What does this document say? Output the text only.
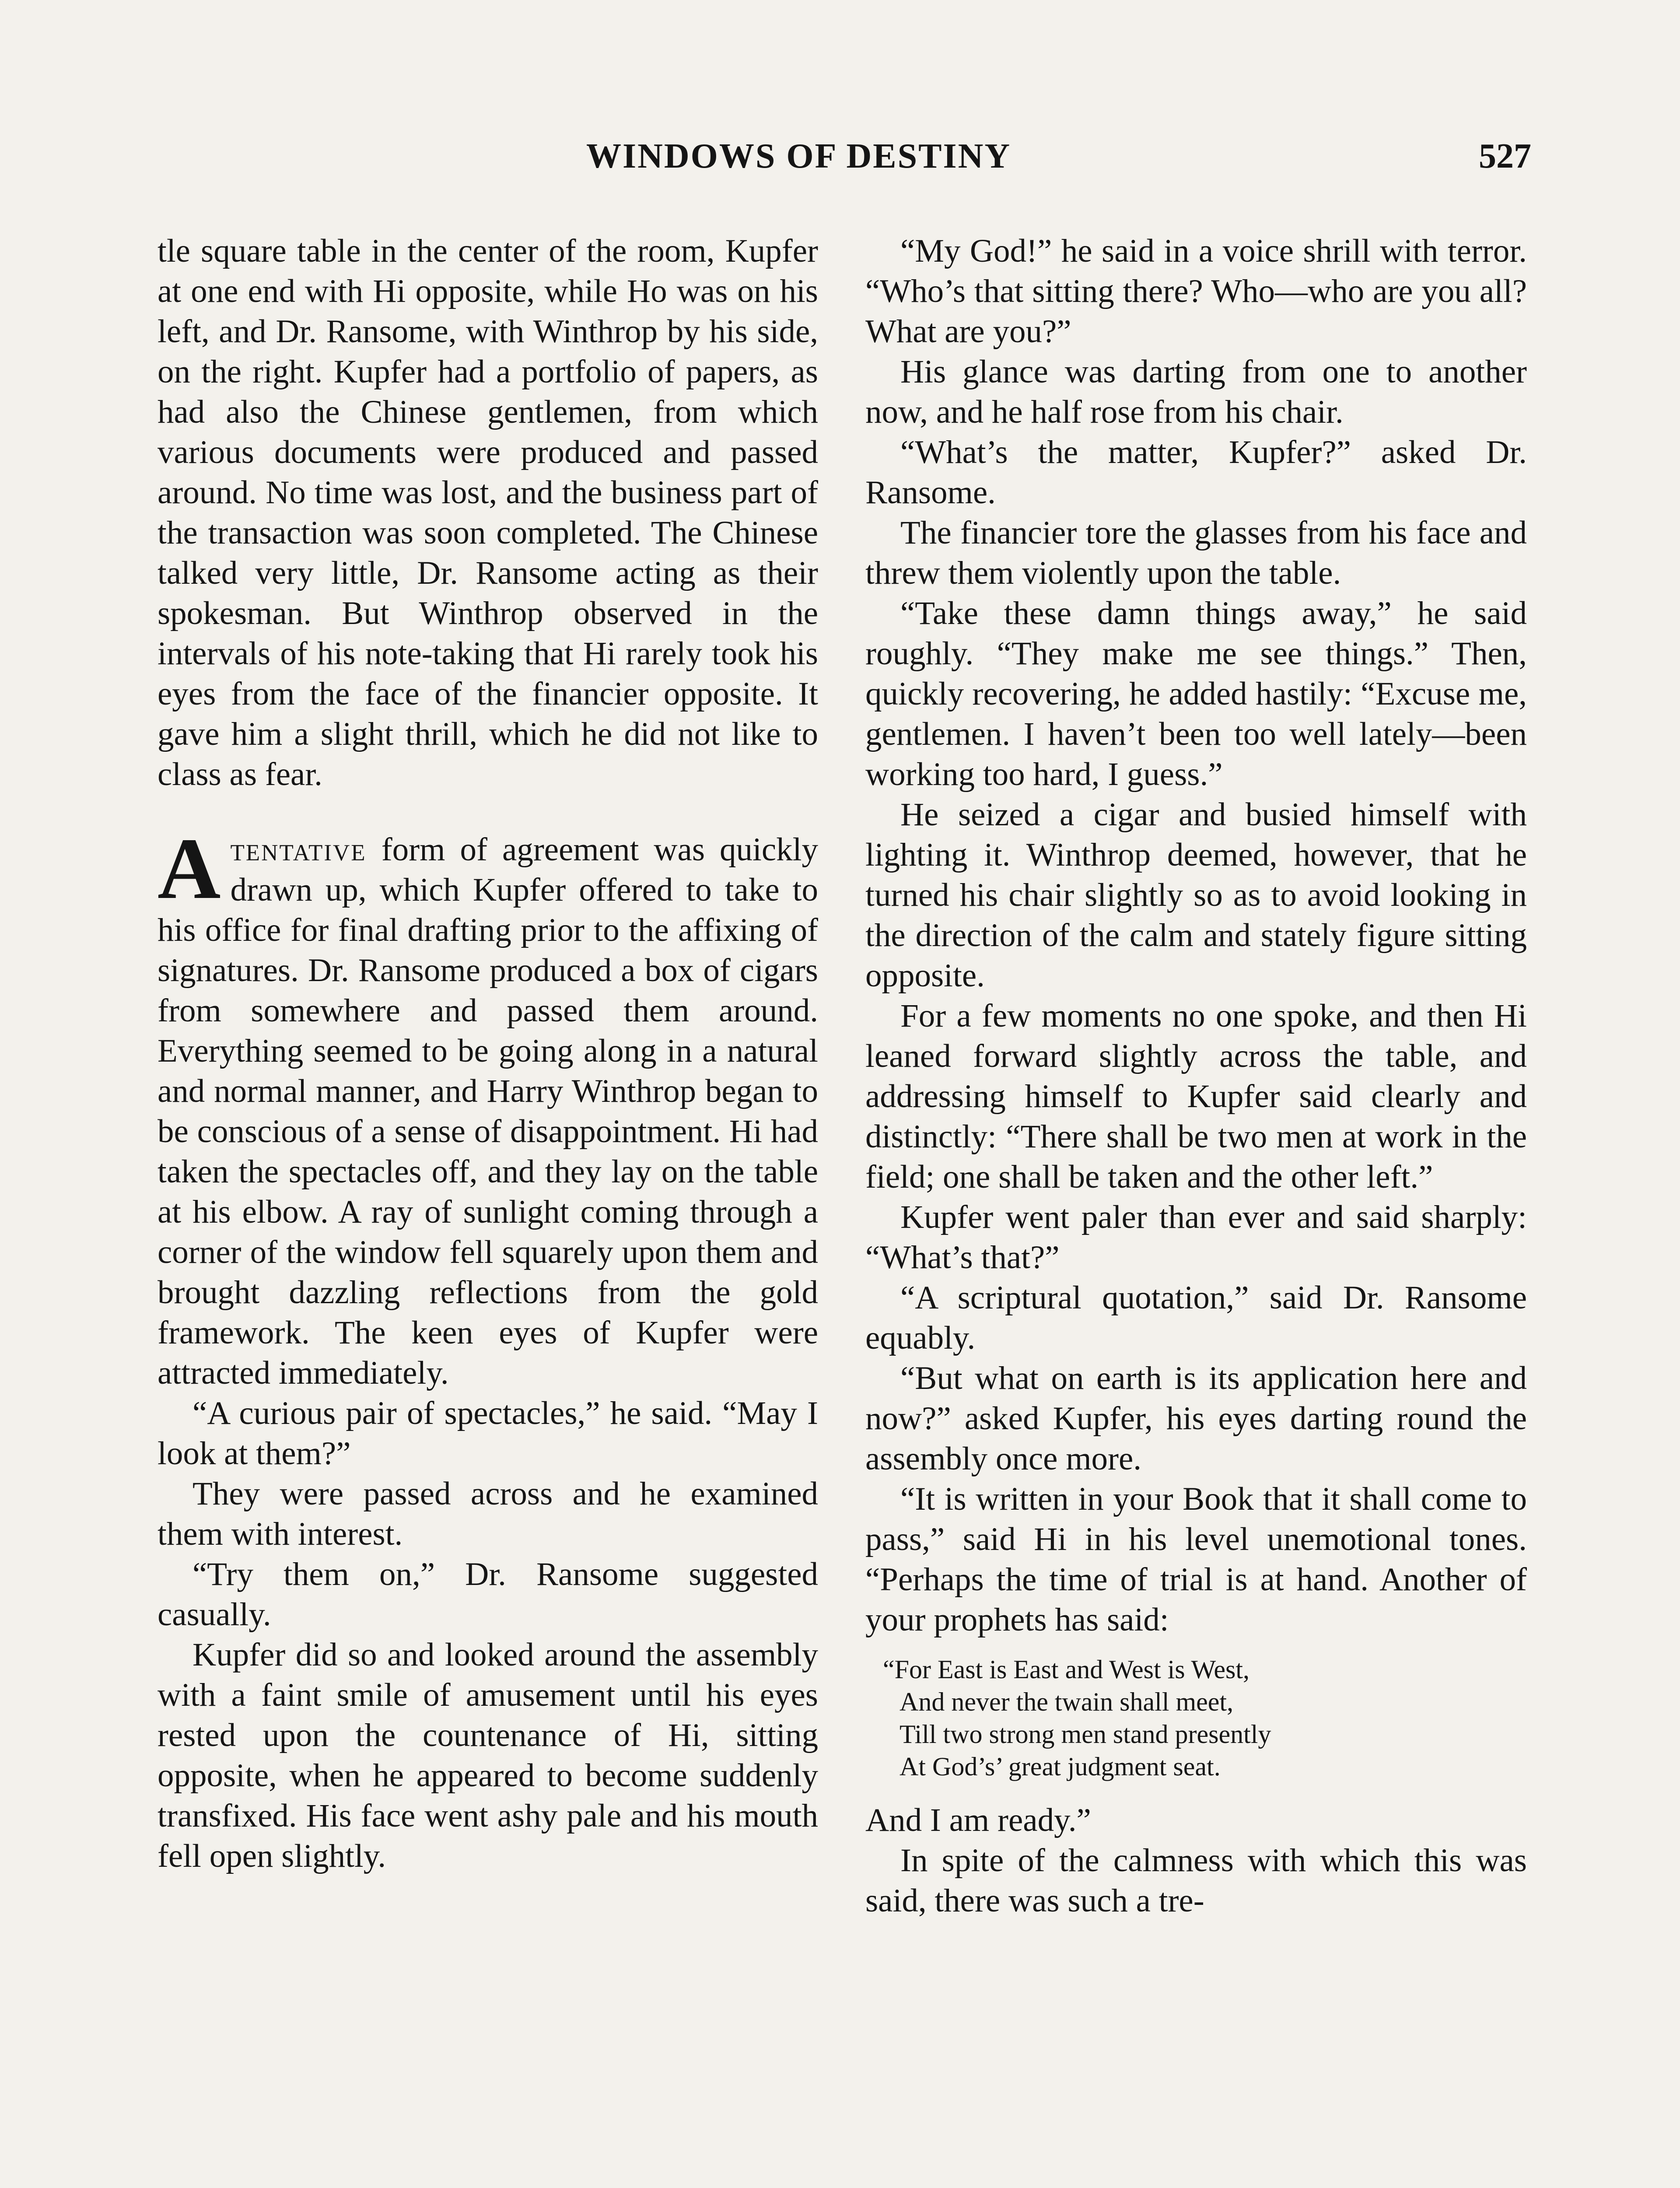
WINDOWS OF DESTINY	527

tle square table in the center of the room, Kupfer at one end with Hi opposite, while Ho was on his left, and Dr. Ransome, with Winthrop by his side, on the right. Kupfer had a portfolio of papers, as had also the Chinese gentlemen, from which various documents were produced and passed around. No time was lost, and the business part of the transaction was soon completed. The Chinese talked very little, Dr. Ransome acting as their spokesman. But Winthrop observed in the intervals of his note-taking that Hi rarely took his eyes from the face of the financier opposite. It gave him a slight thrill, which he did not like to class as fear.

Atentative form of agreement was quickly drawn up, which Kupfer offered to take to his office for final drafting prior to the affixing of signatures. Dr. Ransome produced a box of cigars from somewhere and passed them around. Everything seemed to be going along in a natural and normal manner, and Harry Winthrop began to be conscious of a sense of disappointment. Hi had taken the spectacles off, and they lay on the table at his elbow. A ray of sunlight coming through a corner of the window fell squarely upon them and brought dazzling reflections from the gold framework. The keen eyes of Kupfer were attracted immediately.

“A curious pair of spectacles,” he said. “May I look at them?”

They were passed across and he examined them with interest.

“Try them on,” Dr. Ransome suggested casually.

Kupfer did so and looked around the assembly with a faint smile of amusement until his eyes rested upon the countenance of Hi, sitting opposite, when he appeared to become suddenly transfixed. His face went ashy pale and his mouth fell open slightly.

“My God!” he said in a voice shrill with terror. “Who’s that sitting there? Who—who are you all? What are you?”

His glance was darting from one to another now, and he half rose from his chair.

“What’s the matter, Kupfer?” asked Dr. Ransome.

The financier tore the glasses from his face and threw them violently upon the table.

“Take these damn things away,” he said roughly. “They make me see things.” Then, quickly recovering, he added hastily: “Excuse me, gentlemen. I haven’t been too well lately—been working too hard, I guess.”

He seized a cigar and busied himself with lighting it. Winthrop deemed, however, that he turned his chair slightly so as to avoid looking in the direction of the calm and stately figure sitting opposite.

For a few moments no one spoke, and then Hi leaned forward slightly across the table, and addressing himself to Kupfer said clearly and distinctly: “There shall be two men at work in the field; one shall be taken and the other left.”

Kupfer went paler than ever and said sharply: “What’s that?”

“A scriptural quotation,” said Dr. Ransome equably.

“But what on earth is its application here and now?” asked Kupfer, his eyes darting round the assembly once more.

“It is written in your Book that it shall come to pass,” said Hi in his level unemotional tones. “Perhaps the time of trial is at hand. Another of your prophets has said:

“For East is East and West is West,
And never the twain shall meet,
Till two strong men stand presently
At God’s’ great judgment seat.

And I am ready.”

In spite of the calmness with which this was said, there was such a tre-
